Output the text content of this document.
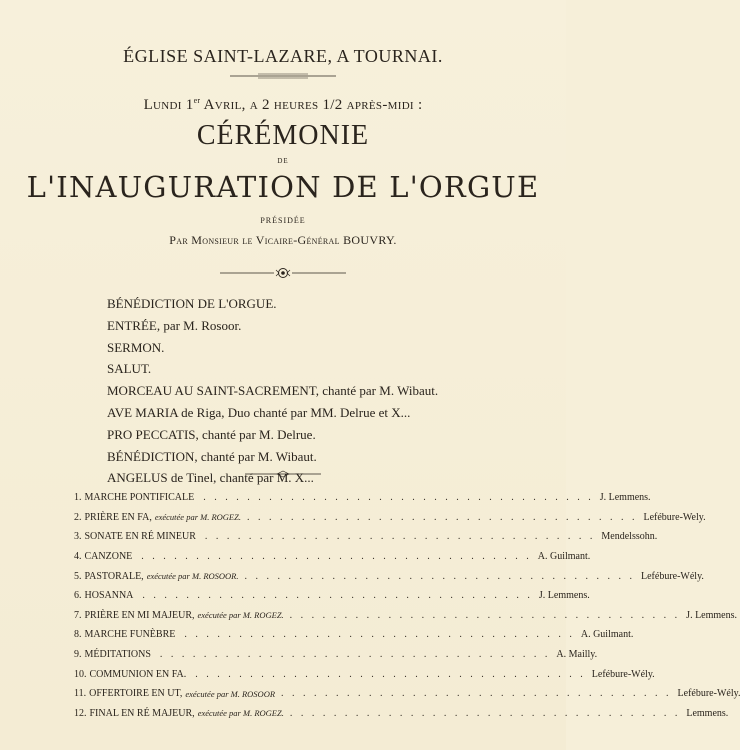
ÉGLISE SAINT-LAZARE, A TOURNAI.
Lundi 1er Avril, a 2 heures 1/2 après-midi :
CÉRÉMONIE
DE
L'INAUGURATION DE L'ORGUE
PRÉSIDÉE
Par Monsieur le Vicaire-Général BOUVRY.
BÉNÉDICTION DE L'ORGUE.
ENTRÉE, par M. Rosoor.
SERMON.
SALUT.
MORCEAU AU SAINT-SACREMENT, chanté par M. Wibaut.
AVE MARIA de Riga, Duo chanté par MM. Delrue et X...
PRO PECCATIS, chanté par M. Delrue.
BÉNÉDICTION, chanté par M. Wibaut.
ANGELUS de Tinel, chanté par M. X...
1. MARCHE PONTIFICALE . . . . . . . . . . . . . . . . . . . . . . . . . . . . . . . . . . . . J. Lemmens.
2. PRIÈRE EN FA, exécutée par M. ROGEZ. . . . . . . . . . . . . . . . . . . . . . . . . . . . . . . . . . . . . Lefébure-Wely.
3. SONATE EN RÉ MINEUR . . . . . . . . . . . . . . . . . . . . . . . . . . . . . . . . . . . . Mendelssohn.
4. CANZONE . . . . . . . . . . . . . . . . . . . . . . . . . . . . . . . . . . . . A. Guilmant.
5. PASTORALE, exécutée par M. ROSOOR. . . . . . . . . . . . . . . . . . . . . . . . . . . . . . . . . . . . . Lefébure-Wély.
6. HOSANNA . . . . . . . . . . . . . . . . . . . . . . . . . . . . . . . . . . . . J. Lemmens.
7. PRIÈRE EN MI MAJEUR, exécutée par M. ROGEZ. . . . . . . . . . . . . . . . . . . . . . . . . . . . . . . . . . . . . J. Lemmens.
8. MARCHE FUNÈBRE . . . . . . . . . . . . . . . . . . . . . . . . . . . . . . . . . . . . A. Guilmant.
9. MÉDITATIONS . . . . . . . . . . . . . . . . . . . . . . . . . . . . . . . . . . . . A. Mailly.
10. COMMUNION EN FA. . . . . . . . . . . . . . . . . . . . . . . . . . . . . . . . . . . . . Lefébure-Wély.
11. OFFERTOIRE EN UT, exécutée par M. ROSOOR . . . . . . . . . . . . . . . . . . . . . . . . . . . . . . . . . . . . Lefébure-Wély.
12. FINAL EN RÉ MAJEUR, exécutée par M. ROGEZ. . . . . . . . . . . . . . . . . . . . . . . . . . . . . . . . . . . . . Lemmens.
